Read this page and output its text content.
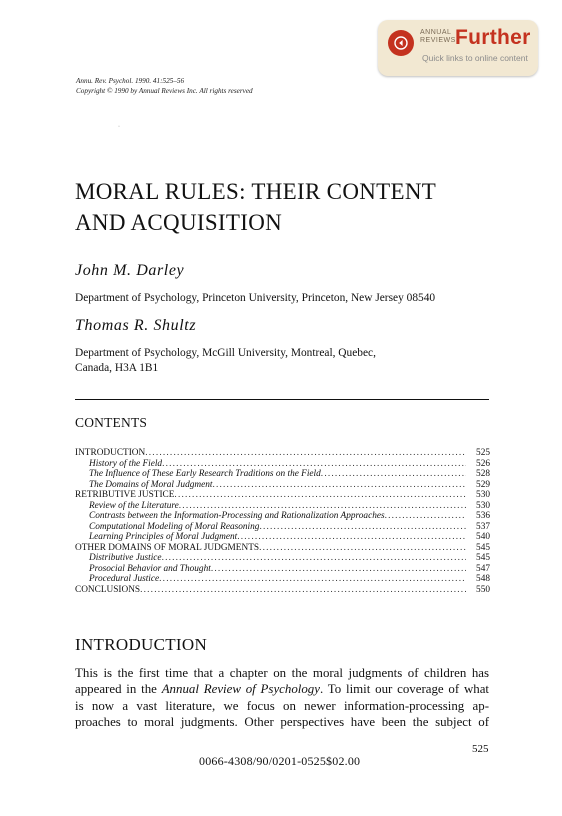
ANNUAL
REVIEWS Further
Quick links to online content
Annu. Rev. Psychol. 1990. 41:525–56
Copyright © 1990 by Annual Reviews Inc. All rights reserved
·
MORAL RULES: THEIR CONTENT
AND ACQUISITION
John M. Darley
Department of Psychology, Princeton University, Princeton, New Jersey 08540
Thomas R. Shultz
Department of Psychology, McGill University, Montreal, Quebec,
Canada, H3A 1B1
CONTENTS
INTRODUCTION .....	525
History of the Field .....	526
The Influence of These Early Research Traditions on the Field .....	528
The Domains of Moral Judgment .....	529
RETRIBUTIVE JUSTICE .....	530
Review of the Literature .....	530
Contrasts between the Information-Processing and Rationalization Approaches .....	536
Computational Modeling of Moral Reasoning .....	537
Learning Principles of Moral Judgment .....	540
OTHER DOMAINS OF MORAL JUDGMENTS .....	545
Distributive Justice .....	545
Prosocial Behavior and Thought .....	547
Procedural Justice .....	548
CONCLUSIONS .....	550
INTRODUCTION
This is the first time that a chapter on the moral judgments of children has
appeared in the Annual Review of Psychology. To limit our coverage of what
is now a vast literature, we focus on newer information-processing ap-
proaches to moral judgments. Other perspectives have been the subject of
525
0066-4308/90/0201-0525$02.00
